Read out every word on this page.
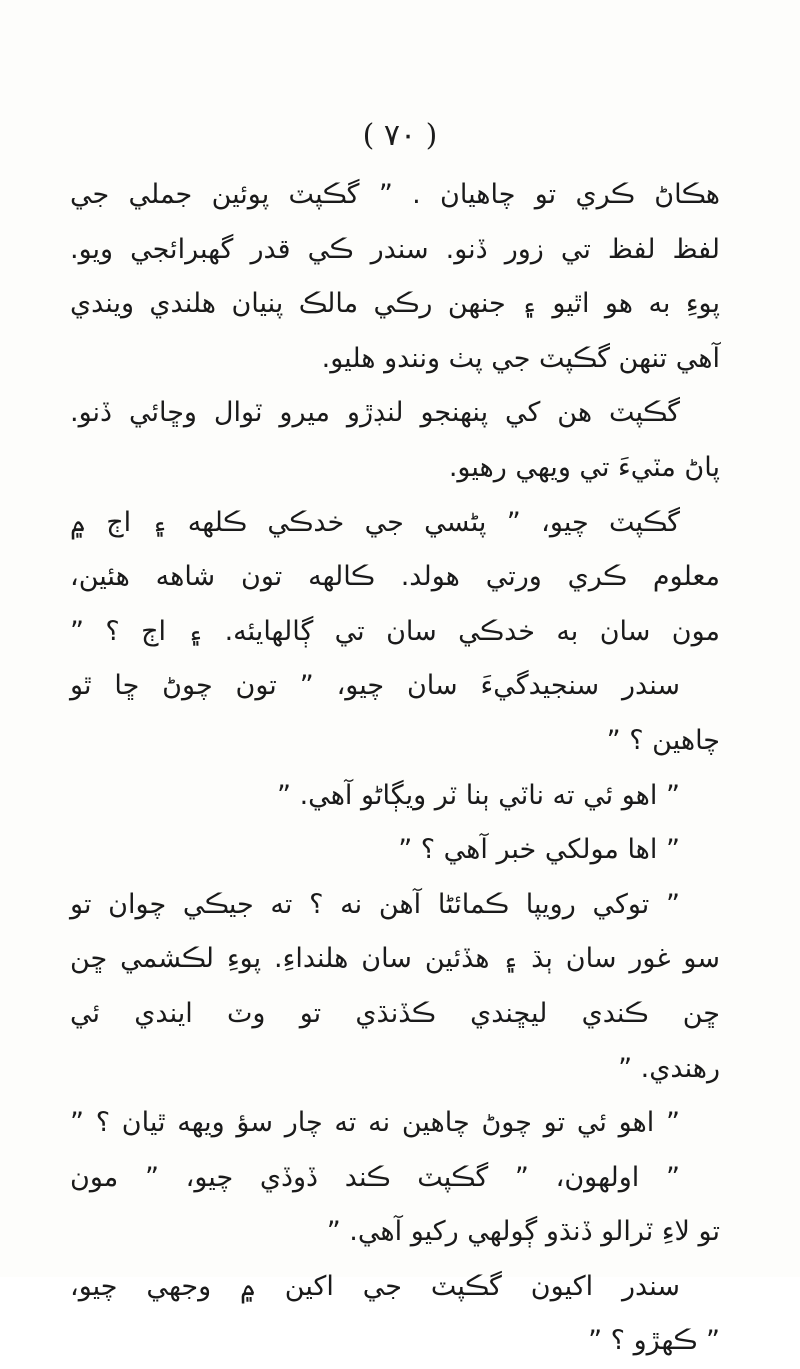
( ٧٠ )
هڪاڻ ڪري تو چاهيان . ” گڪپٽ پوئين جملي جي
لفظ لفظ تي زور ڏنو. سندر ڪي قدر گهبرائجي ويو.
پوءِ به هو اٿيو ۽ جنهن رڪي مالڪ پنيان هلندي ويندي
آهي تنهن گڪپٽ جي پٺ ونندو هليو.
گڪپٽ هن کي پنهنجو لنڊڙو ميرو ٽوال وڇائي ڏنو.
پاڻ مٽيءَ تي ويهي رهيو.
گڪپٽ چيو، ” پڻسي جي خدڪي ڪلهه ۽ اڄ ۾
معلوم ڪري ورتي هولد. ڪالهه تون شاهه هئين،
مون سان به خدڪي سان تي ڳالهايئه. ۽ اڄ ؟ ”
سندر سنجيدگيءَ سان چيو، ” تون چوڻ ڇا ٿو
چاهين ؟ ”
” اهو ئي ته ناٽي ٻنا ٽر ويڳاڻو آهي. ”
” اها مولکي خبر آهي ؟ ”
” توکي رويپا ڪمائڻا آهن نه ؟ ته جيڪي چوان تو
سو غور سان ٻڌ ۽ هڏئين سان هلنداءِ. پوءِ لڪشمي ڇن
ڇن ڪندي ليڇندي ڪڏنڌي تو وٽ ايندي ئي
رهندي. ”
” اهو ئي تو چوڻ چاهين نه ته چار سؤ ويهه ٿيان ؟ ”
” اولهون، ” گڪپٽ ڪند ڏوڏي چيو، ” مون
تو لاءِ ٽرالو ڏنڌو ڳولهي رکيو آهي. ”
سندر اکيون گڪپٽ جي اکين ۾ وجهي چيو،
” ڪهڙو ؟ ”
